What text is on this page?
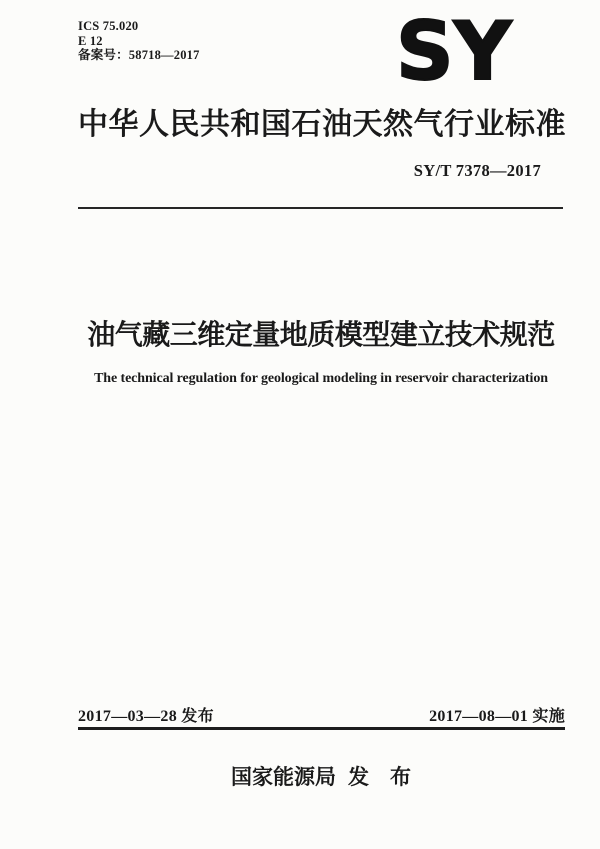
ICS 75.020
E 12
备案号：58718—2017 SY
中华人民共和国石油天然气行业标准
SY/T 7378—2017
油气藏三维定量地质模型建立技术规范
The technical regulation for geological modeling in reservoir characterization
2017—03—28 发布	2017—08—01 实施
国家能源局 发　布
